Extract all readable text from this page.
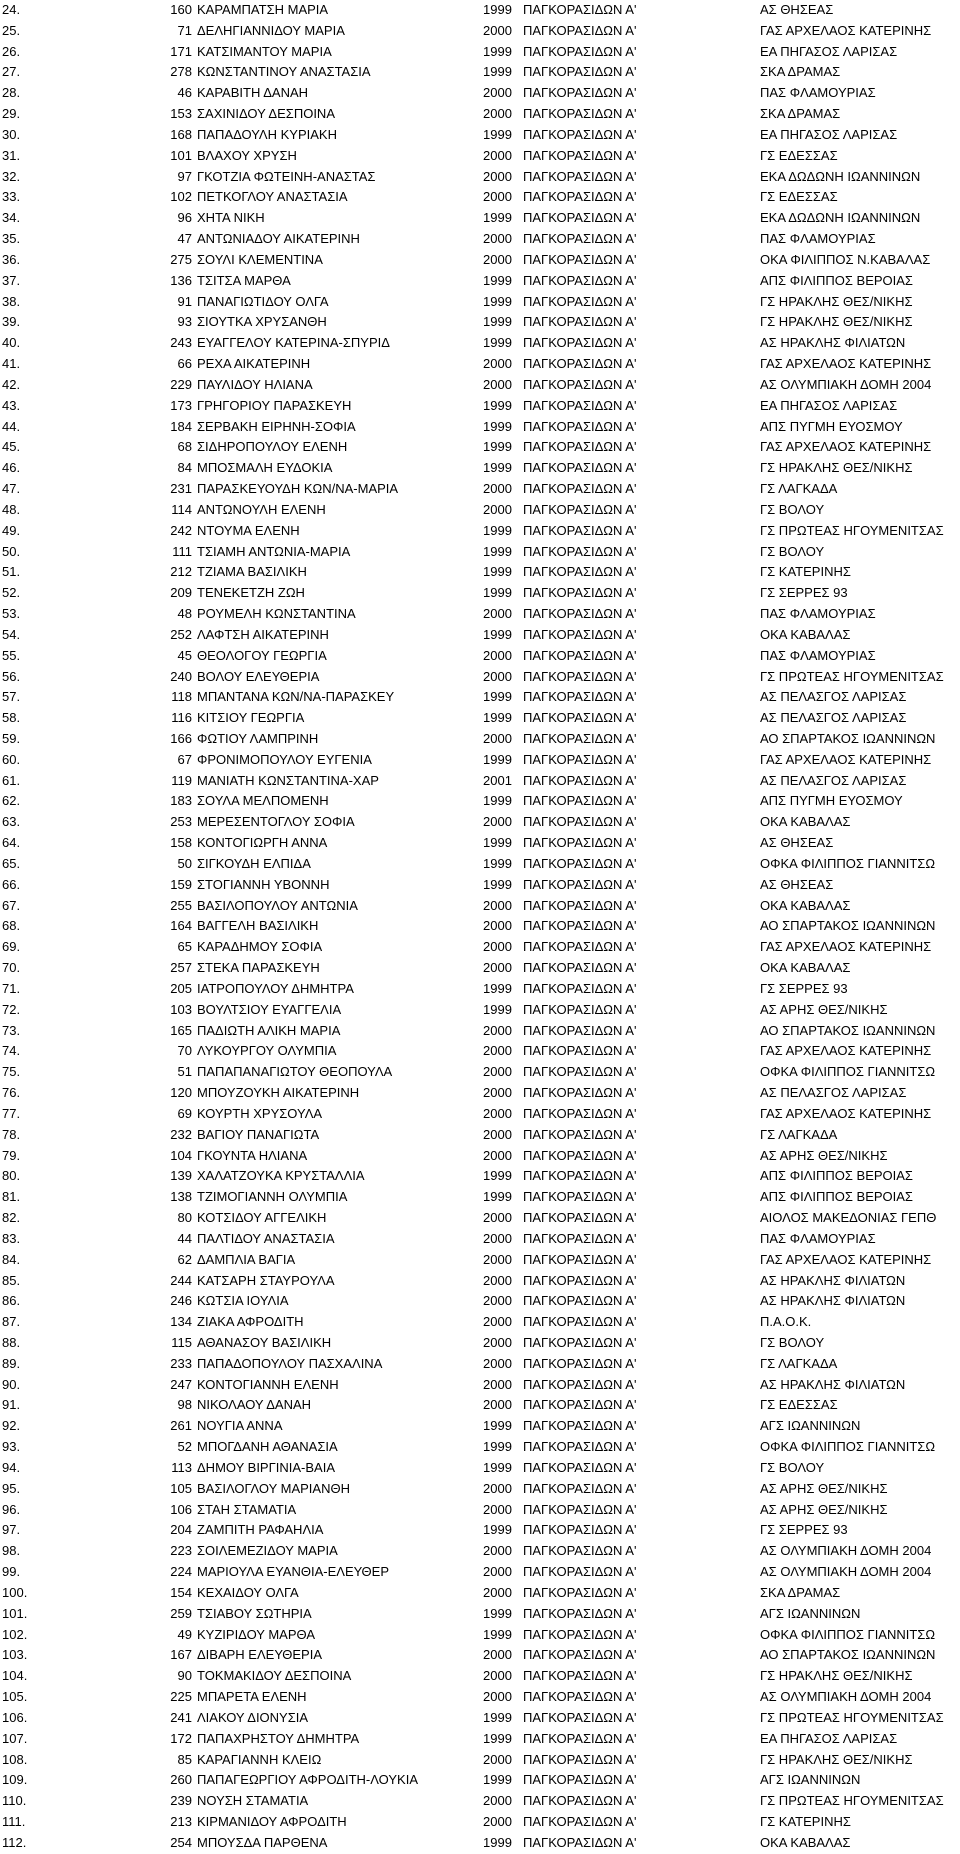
24.	160 ΚΑΡΑΜΠΑΤΣΗ ΜΑΡΙΑ	1999 ΠΑΓΚΟΡΑΣΙΔΩΝ Α'	ΑΣ ΘΗΣΕΑΣ
25.	71 ΔΕΛΗΓΙΑΝΝΙΔΟΥ ΜΑΡΙΑ	2000 ΠΑΓΚΟΡΑΣΙΔΩΝ Α'	ΓΑΣ ΑΡΧΕΛΑΟΣ ΚΑΤΕΡΙΝΗΣ
26.	171 ΚΑΤΣΙΜΑΝΤΟΥ ΜΑΡΙΑ	1999 ΠΑΓΚΟΡΑΣΙΔΩΝ Α'	ΕΑ ΠΗΓΑΣΟΣ ΛΑΡΙΣΑΣ
27.	278 ΚΩΝΣΤΑΝΤΙΝΟΥ ΑΝΑΣΤΑΣΙΑ	1999 ΠΑΓΚΟΡΑΣΙΔΩΝ Α'	ΣΚΑ ΔΡΑΜΑΣ
28.	46 ΚΑΡΑΒΙΤΗ ΔΑΝΑΗ	2000 ΠΑΓΚΟΡΑΣΙΔΩΝ Α'	ΠΑΣ ΦΛΑΜΟΥΡΙΑΣ
29.	153 ΣΑΧΙΝΙΔΟΥ ΔΕΣΠΟΙΝΑ	2000 ΠΑΓΚΟΡΑΣΙΔΩΝ Α'	ΣΚΑ ΔΡΑΜΑΣ
30.	168 ΠΑΠΑΔΟΥΛΗ ΚΥΡΙΑΚΗ	1999 ΠΑΓΚΟΡΑΣΙΔΩΝ Α'	ΕΑ ΠΗΓΑΣΟΣ ΛΑΡΙΣΑΣ
31.	101 ΒΛΑΧΟΥ ΧΡΥΣΗ	2000 ΠΑΓΚΟΡΑΣΙΔΩΝ Α'	ΓΣ ΕΔΕΣΣΑΣ
32.	97 ΓΚΟΤΖΙΑ ΦΩΤΕΙΝΗ-ΑΝΑΣΤΑΣ	2000 ΠΑΓΚΟΡΑΣΙΔΩΝ Α'	ΕΚΑ ΔΩΔΩΝΗ ΙΩΑΝΝΙΝΩΝ
33.	102 ΠΕΤΚΟΓΛΟΥ ΑΝΑΣΤΑΣΙΑ	2000 ΠΑΓΚΟΡΑΣΙΔΩΝ Α'	ΓΣ ΕΔΕΣΣΑΣ
34.	96 ΧΗΤΑ ΝΙΚΗ	1999 ΠΑΓΚΟΡΑΣΙΔΩΝ Α'	ΕΚΑ ΔΩΔΩΝΗ ΙΩΑΝΝΙΝΩΝ
35.	47 ΑΝΤΩΝΙΑΔΟΥ ΑΙΚΑΤΕΡΙΝΗ	2000 ΠΑΓΚΟΡΑΣΙΔΩΝ Α'	ΠΑΣ ΦΛΑΜΟΥΡΙΑΣ
36.	275 ΣΟΥΛΙ ΚΛΕΜΕΝΤΙΝΑ	2000 ΠΑΓΚΟΡΑΣΙΔΩΝ Α'	ΟΚΑ ΦΙΛΙΠΠΟΣ Ν.ΚΑΒΑΛΑΣ
37.	136 ΤΣΙΤΣΑ ΜΑΡΘΑ	1999 ΠΑΓΚΟΡΑΣΙΔΩΝ Α'	ΑΠΣ ΦΙΛΙΠΠΟΣ ΒΕΡΟΙΑΣ
38.	91 ΠΑΝΑΓΙΩΤΙΔΟΥ ΟΛΓΑ	1999 ΠΑΓΚΟΡΑΣΙΔΩΝ Α'	ΓΣ ΗΡΑΚΛΗΣ ΘΕΣ/ΝΙΚΗΣ
39.	93 ΣΙΟΥΤΚΑ ΧΡΥΣΑΝΘΗ	1999 ΠΑΓΚΟΡΑΣΙΔΩΝ Α'	ΓΣ ΗΡΑΚΛΗΣ ΘΕΣ/ΝΙΚΗΣ
40.	243 ΕΥΑΓΓΕΛΟΥ ΚΑΤΕΡΙΝΑ-ΣΠΥΡΙΔ	1999 ΠΑΓΚΟΡΑΣΙΔΩΝ Α'	ΑΣ ΗΡΑΚΛΗΣ ΦΙΛΙΑΤΩΝ
41.	66 ΡΕΧΑ ΑΙΚΑΤΕΡΙΝΗ	2000 ΠΑΓΚΟΡΑΣΙΔΩΝ Α'	ΓΑΣ ΑΡΧΕΛΑΟΣ ΚΑΤΕΡΙΝΗΣ
42.	229 ΠΑΥΛΙΔΟΥ ΗΛΙΑΝΑ	2000 ΠΑΓΚΟΡΑΣΙΔΩΝ Α'	ΑΣ ΟΛΥΜΠΙΑΚΗ ΔΟΜΗ 2004
43.	173 ΓΡΗΓΟΡΙΟΥ ΠΑΡΑΣΚΕΥΗ	1999 ΠΑΓΚΟΡΑΣΙΔΩΝ Α'	ΕΑ ΠΗΓΑΣΟΣ ΛΑΡΙΣΑΣ
44.	184 ΣΕΡΒΑΚΗ ΕΙΡΗΝΗ-ΣΟΦΙΑ	1999 ΠΑΓΚΟΡΑΣΙΔΩΝ Α'	ΑΠΣ ΠΥΓΜΗ ΕΥΟΣΜΟΥ
45.	68 ΣΙΔΗΡΟΠΟΥΛΟΥ ΕΛΕΝΗ	1999 ΠΑΓΚΟΡΑΣΙΔΩΝ Α'	ΓΑΣ ΑΡΧΕΛΑΟΣ ΚΑΤΕΡΙΝΗΣ
46.	84 ΜΠΟΣΜΑΛΗ ΕΥΔΟΚΙΑ	1999 ΠΑΓΚΟΡΑΣΙΔΩΝ Α'	ΓΣ ΗΡΑΚΛΗΣ ΘΕΣ/ΝΙΚΗΣ
47.	231 ΠΑΡΑΣΚΕΥΟΥΔΗ ΚΩΝ/ΝΑ-ΜΑΡΙΑ	2000 ΠΑΓΚΟΡΑΣΙΔΩΝ Α'	ΓΣ ΛΑΓΚΑΔΑ
48.	114 ΑΝΤΩΝΟΥΛΗ ΕΛΕΝΗ	2000 ΠΑΓΚΟΡΑΣΙΔΩΝ Α'	ΓΣ ΒΟΛΟΥ
49.	242 ΝΤΟΥΜΑ ΕΛΕΝΗ	1999 ΠΑΓΚΟΡΑΣΙΔΩΝ Α'	ΓΣ ΠΡΩΤΕΑΣ ΗΓΟΥΜΕΝΙΤΣΑΣ
50.	111 ΤΣΙΑΜΗ ΑΝΤΩΝΙΑ-ΜΑΡΙΑ	1999 ΠΑΓΚΟΡΑΣΙΔΩΝ Α'	ΓΣ ΒΟΛΟΥ
51.	212 ΤΖΙΑΜΑ ΒΑΣΙΛΙΚΗ	1999 ΠΑΓΚΟΡΑΣΙΔΩΝ Α'	ΓΣ ΚΑΤΕΡΙΝΗΣ
52.	209 ΤΕΝΕΚΕΤΖΗ ΖΩΗ	1999 ΠΑΓΚΟΡΑΣΙΔΩΝ Α'	ΓΣ ΣΕΡΡΕΣ 93
53.	48 ΡΟΥΜΕΛΗ ΚΩΝΣΤΑΝΤΙΝΑ	2000 ΠΑΓΚΟΡΑΣΙΔΩΝ Α'	ΠΑΣ ΦΛΑΜΟΥΡΙΑΣ
54.	252 ΛΑΦΤΣΗ ΑΙΚΑΤΕΡΙΝΗ	1999 ΠΑΓΚΟΡΑΣΙΔΩΝ Α'	ΟΚΑ ΚΑΒΑΛΑΣ
55.	45 ΘΕΟΛΟΓΟΥ ΓΕΩΡΓΙΑ	2000 ΠΑΓΚΟΡΑΣΙΔΩΝ Α'	ΠΑΣ ΦΛΑΜΟΥΡΙΑΣ
56.	240 ΒΟΛΟΥ ΕΛΕΥΘΕΡΙΑ	2000 ΠΑΓΚΟΡΑΣΙΔΩΝ Α'	ΓΣ ΠΡΩΤΕΑΣ ΗΓΟΥΜΕΝΙΤΣΑΣ
57.	118 ΜΠΑΝΤΑΝΑ ΚΩΝ/ΝΑ-ΠΑΡΑΣΚΕΥ	1999 ΠΑΓΚΟΡΑΣΙΔΩΝ Α'	ΑΣ ΠΕΛΑΣΓΟΣ ΛΑΡΙΣΑΣ
58.	116 ΚΙΤΣΙΟΥ ΓΕΩΡΓΙΑ	1999 ΠΑΓΚΟΡΑΣΙΔΩΝ Α'	ΑΣ ΠΕΛΑΣΓΟΣ ΛΑΡΙΣΑΣ
59.	166 ΦΩΤΙΟΥ ΛΑΜΠΡΙΝΗ	2000 ΠΑΓΚΟΡΑΣΙΔΩΝ Α'	ΑΟ ΣΠΑΡΤΑΚΟΣ ΙΩΑΝΝΙΝΩΝ
60.	67 ΦΡΟΝΙΜΟΠΟΥΛΟΥ ΕΥΓΕΝΙΑ	1999 ΠΑΓΚΟΡΑΣΙΔΩΝ Α'	ΓΑΣ ΑΡΧΕΛΑΟΣ ΚΑΤΕΡΙΝΗΣ
61.	119 ΜΑΝΙΑΤΗ ΚΩΝΣΤΑΝΤΙΝΑ-ΧΑΡ	2001 ΠΑΓΚΟΡΑΣΙΔΩΝ Α'	ΑΣ ΠΕΛΑΣΓΟΣ ΛΑΡΙΣΑΣ
62.	183 ΣΟΥΛΑ ΜΕΛΠΟΜΕΝΗ	1999 ΠΑΓΚΟΡΑΣΙΔΩΝ Α'	ΑΠΣ ΠΥΓΜΗ ΕΥΟΣΜΟΥ
63.	253 ΜΕΡΕΣΕΝΤΟΓΛΟΥ ΣΟΦΙΑ	2000 ΠΑΓΚΟΡΑΣΙΔΩΝ Α'	ΟΚΑ ΚΑΒΑΛΑΣ
64.	158 ΚΟΝΤΟΓΙΩΡΓΗ ΑΝΝΑ	1999 ΠΑΓΚΟΡΑΣΙΔΩΝ Α'	ΑΣ ΘΗΣΕΑΣ
65.	50 ΣΙΓΚΟΥΔΗ ΕΛΠΙΔΑ	1999 ΠΑΓΚΟΡΑΣΙΔΩΝ Α'	ΟΦΚΑ ΦΙΛΙΠΠΟΣ ΓΙΑΝΝΙΤΣΩ
66.	159 ΣΤΟΓΙΑΝΝΗ ΥΒΟΝΝΗ	1999 ΠΑΓΚΟΡΑΣΙΔΩΝ Α'	ΑΣ ΘΗΣΕΑΣ
67.	255 ΒΑΣΙΛΟΠΟΥΛΟΥ ΑΝΤΩΝΙΑ	2000 ΠΑΓΚΟΡΑΣΙΔΩΝ Α'	ΟΚΑ ΚΑΒΑΛΑΣ
68.	164 ΒΑΓΓΕΛΗ ΒΑΣΙΛΙΚΗ	2000 ΠΑΓΚΟΡΑΣΙΔΩΝ Α'	ΑΟ ΣΠΑΡΤΑΚΟΣ ΙΩΑΝΝΙΝΩΝ
69.	65 ΚΑΡΑΔΗΜΟΥ ΣΟΦΙΑ	2000 ΠΑΓΚΟΡΑΣΙΔΩΝ Α'	ΓΑΣ ΑΡΧΕΛΑΟΣ ΚΑΤΕΡΙΝΗΣ
70.	257 ΣΤΕΚΑ ΠΑΡΑΣΚΕΥΗ	2000 ΠΑΓΚΟΡΑΣΙΔΩΝ Α'	ΟΚΑ ΚΑΒΑΛΑΣ
71.	205 ΙΑΤΡΟΠΟΥΛΟΥ ΔΗΜΗΤΡΑ	1999 ΠΑΓΚΟΡΑΣΙΔΩΝ Α'	ΓΣ ΣΕΡΡΕΣ 93
72.	103 ΒΟΥΛΤΣΙΟΥ ΕΥΑΓΓΕΛΙΑ	1999 ΠΑΓΚΟΡΑΣΙΔΩΝ Α'	ΑΣ ΑΡΗΣ ΘΕΣ/ΝΙΚΗΣ
73.	165 ΠΑΔΙΩΤΗ ΑΛΙΚΗ ΜΑΡΙΑ	2000 ΠΑΓΚΟΡΑΣΙΔΩΝ Α'	ΑΟ ΣΠΑΡΤΑΚΟΣ ΙΩΑΝΝΙΝΩΝ
74.	70 ΛΥΚΟΥΡΓΟΥ ΟΛΥΜΠΙΑ	2000 ΠΑΓΚΟΡΑΣΙΔΩΝ Α'	ΓΑΣ ΑΡΧΕΛΑΟΣ ΚΑΤΕΡΙΝΗΣ
75.	51 ΠΑΠΑΠΑΝΑΓΙΩΤΟΥ ΘΕΟΠΟΥΛΑ	2000 ΠΑΓΚΟΡΑΣΙΔΩΝ Α'	ΟΦΚΑ ΦΙΛΙΠΠΟΣ ΓΙΑΝΝΙΤΣΩ
76.	120 ΜΠΟΥΖΟΥΚΗ ΑΙΚΑΤΕΡΙΝΗ	2000 ΠΑΓΚΟΡΑΣΙΔΩΝ Α'	ΑΣ ΠΕΛΑΣΓΟΣ ΛΑΡΙΣΑΣ
77.	69 ΚΟΥΡΤΗ ΧΡΥΣΟΥΛΑ	2000 ΠΑΓΚΟΡΑΣΙΔΩΝ Α'	ΓΑΣ ΑΡΧΕΛΑΟΣ ΚΑΤΕΡΙΝΗΣ
78.	232 ΒΑΓΙΟΥ ΠΑΝΑΓΙΩΤΑ	2000 ΠΑΓΚΟΡΑΣΙΔΩΝ Α'	ΓΣ ΛΑΓΚΑΔΑ
79.	104 ΓΚΟΥΝΤΑ ΗΛΙΑΝΑ	2000 ΠΑΓΚΟΡΑΣΙΔΩΝ Α'	ΑΣ ΑΡΗΣ ΘΕΣ/ΝΙΚΗΣ
80.	139 ΧΑΛΑΤΖΟΥΚΑ ΚΡΥΣΤΑΛΛΙΑ	1999 ΠΑΓΚΟΡΑΣΙΔΩΝ Α'	ΑΠΣ ΦΙΛΙΠΠΟΣ ΒΕΡΟΙΑΣ
81.	138 ΤΖΙΜΟΓΙΑΝΝΗ ΟΛΥΜΠΙΑ	1999 ΠΑΓΚΟΡΑΣΙΔΩΝ Α'	ΑΠΣ ΦΙΛΙΠΠΟΣ ΒΕΡΟΙΑΣ
82.	80 ΚΟΤΣΙΔΟΥ ΑΓΓΕΛΙΚΗ	2000 ΠΑΓΚΟΡΑΣΙΔΩΝ Α'	ΑΙΟΛΟΣ ΜΑΚΕΔΟΝΙΑΣ ΓΕΠΘ
83.	44 ΠΑΛΤΙΔΟΥ ΑΝΑΣΤΑΣΙΑ	2000 ΠΑΓΚΟΡΑΣΙΔΩΝ Α'	ΠΑΣ ΦΛΑΜΟΥΡΙΑΣ
84.	62 ΔΑΜΠΛΙΑ ΒΑΓΙΑ	2000 ΠΑΓΚΟΡΑΣΙΔΩΝ Α'	ΓΑΣ ΑΡΧΕΛΑΟΣ ΚΑΤΕΡΙΝΗΣ
85.	244 ΚΑΤΣΑΡΗ ΣΤΑΥΡΟΥΛΑ	2000 ΠΑΓΚΟΡΑΣΙΔΩΝ Α'	ΑΣ ΗΡΑΚΛΗΣ ΦΙΛΙΑΤΩΝ
86.	246 ΚΩΤΣΙΑ ΙΟΥΛΙΑ	2000 ΠΑΓΚΟΡΑΣΙΔΩΝ Α'	ΑΣ ΗΡΑΚΛΗΣ ΦΙΛΙΑΤΩΝ
87.	134 ΖΙΑΚΑ ΑΦΡΟΔΙΤΗ	2000 ΠΑΓΚΟΡΑΣΙΔΩΝ Α'	Π.Α.Ο.Κ.
88.	115 ΑΘΑΝΑΣΟΥ ΒΑΣΙΛΙΚΗ	2000 ΠΑΓΚΟΡΑΣΙΔΩΝ Α'	ΓΣ ΒΟΛΟΥ
89.	233 ΠΑΠΑΔΟΠΟΥΛΟΥ ΠΑΣΧΑΛΙΝΑ	2000 ΠΑΓΚΟΡΑΣΙΔΩΝ Α'	ΓΣ ΛΑΓΚΑΔΑ
90.	247 ΚΟΝΤΟΓΙΑΝΝΗ ΕΛΕΝΗ	2000 ΠΑΓΚΟΡΑΣΙΔΩΝ Α'	ΑΣ ΗΡΑΚΛΗΣ ΦΙΛΙΑΤΩΝ
91.	98 ΝΙΚΟΛΑΟΥ ΔΑΝΑΗ	2000 ΠΑΓΚΟΡΑΣΙΔΩΝ Α'	ΓΣ ΕΔΕΣΣΑΣ
92.	261 ΝΟΥΓΙΑ ΑΝΝΑ	1999 ΠΑΓΚΟΡΑΣΙΔΩΝ Α'	ΑΓΣ ΙΩΑΝΝΙΝΩΝ
93.	52 ΜΠΟΓΔΑΝΗ ΑΘΑΝΑΣΙΑ	1999 ΠΑΓΚΟΡΑΣΙΔΩΝ Α'	ΟΦΚΑ ΦΙΛΙΠΠΟΣ ΓΙΑΝΝΙΤΣΩ
94.	113 ΔΗΜΟΥ ΒΙΡΓΙΝΙΑ-ΒΑΙΑ	1999 ΠΑΓΚΟΡΑΣΙΔΩΝ Α'	ΓΣ ΒΟΛΟΥ
95.	105 ΒΑΣΙΛΟΓΛΟΥ ΜΑΡΙΑΝΘΗ	2000 ΠΑΓΚΟΡΑΣΙΔΩΝ Α'	ΑΣ ΑΡΗΣ ΘΕΣ/ΝΙΚΗΣ
96.	106 ΣΤΑΗ ΣΤΑΜΑΤΙΑ	2000 ΠΑΓΚΟΡΑΣΙΔΩΝ Α'	ΑΣ ΑΡΗΣ ΘΕΣ/ΝΙΚΗΣ
97.	204 ΖΑΜΠΙΤΗ ΡΑΦΑΗΛΙΑ	1999 ΠΑΓΚΟΡΑΣΙΔΩΝ Α'	ΓΣ ΣΕΡΡΕΣ 93
98.	223 ΣΟΙΛΕΜΕΖΙΔΟΥ ΜΑΡΙΑ	2000 ΠΑΓΚΟΡΑΣΙΔΩΝ Α'	ΑΣ ΟΛΥΜΠΙΑΚΗ ΔΟΜΗ 2004
99.	224 ΜΑΡΙΟΥΛΑ ΕΥΑΝΘΙΑ-ΕΛΕΥΘΕΡ	2000 ΠΑΓΚΟΡΑΣΙΔΩΝ Α'	ΑΣ ΟΛΥΜΠΙΑΚΗ ΔΟΜΗ 2004
100.	154 ΚΕΧΑΙΔΟΥ ΟΛΓΑ	2000 ΠΑΓΚΟΡΑΣΙΔΩΝ Α'	ΣΚΑ ΔΡΑΜΑΣ
101.	259 ΤΣΙΑΒΟΥ ΣΩΤΗΡΙΑ	1999 ΠΑΓΚΟΡΑΣΙΔΩΝ Α'	ΑΓΣ ΙΩΑΝΝΙΝΩΝ
102.	49 ΚΥΖΙΡΙΔΟΥ ΜΑΡΘΑ	1999 ΠΑΓΚΟΡΑΣΙΔΩΝ Α'	ΟΦΚΑ ΦΙΛΙΠΠΟΣ ΓΙΑΝΝΙΤΣΩ
103.	167 ΔΙΒΑΡΗ ΕΛΕΥΘΕΡΙΑ	2000 ΠΑΓΚΟΡΑΣΙΔΩΝ Α'	ΑΟ ΣΠΑΡΤΑΚΟΣ ΙΩΑΝΝΙΝΩΝ
104.	90 ΤΟΚΜΑΚΙΔΟΥ ΔΕΣΠΟΙΝΑ	2000 ΠΑΓΚΟΡΑΣΙΔΩΝ Α'	ΓΣ ΗΡΑΚΛΗΣ ΘΕΣ/ΝΙΚΗΣ
105.	225 ΜΠΑΡΕΤΑ ΕΛΕΝΗ	2000 ΠΑΓΚΟΡΑΣΙΔΩΝ Α'	ΑΣ ΟΛΥΜΠΙΑΚΗ ΔΟΜΗ 2004
106.	241 ΛΙΑΚΟΥ ΔΙΟΝΥΣΙΑ	1999 ΠΑΓΚΟΡΑΣΙΔΩΝ Α'	ΓΣ ΠΡΩΤΕΑΣ ΗΓΟΥΜΕΝΙΤΣΑΣ
107.	172 ΠΑΠΑΧΡΗΣΤΟΥ ΔΗΜΗΤΡΑ	1999 ΠΑΓΚΟΡΑΣΙΔΩΝ Α'	ΕΑ ΠΗΓΑΣΟΣ ΛΑΡΙΣΑΣ
108.	85 ΚΑΡΑΓΙΑΝΝΗ ΚΛΕΙΩ	2000 ΠΑΓΚΟΡΑΣΙΔΩΝ Α'	ΓΣ ΗΡΑΚΛΗΣ ΘΕΣ/ΝΙΚΗΣ
109.	260 ΠΑΠΑΓΕΩΡΓΙΟΥ ΑΦΡΟΔΙΤΗ-ΛΟΥΚΙΑ	1999 ΠΑΓΚΟΡΑΣΙΔΩΝ Α'	ΑΓΣ ΙΩΑΝΝΙΝΩΝ
110.	239 ΝΟΥΣΗ ΣΤΑΜΑΤΙΑ	2000 ΠΑΓΚΟΡΑΣΙΔΩΝ Α'	ΓΣ ΠΡΩΤΕΑΣ ΗΓΟΥΜΕΝΙΤΣΑΣ
111.	213 ΚΙΡΜΑΝΙΔΟΥ ΑΦΡΟΔΙΤΗ	2000 ΠΑΓΚΟΡΑΣΙΔΩΝ Α'	ΓΣ ΚΑΤΕΡΙΝΗΣ
112.	254 ΜΠΟΥΣΔΑ ΠΑΡΘΕΝΑ	1999 ΠΑΓΚΟΡΑΣΙΔΩΝ Α'	ΟΚΑ ΚΑΒΑΛΑΣ
